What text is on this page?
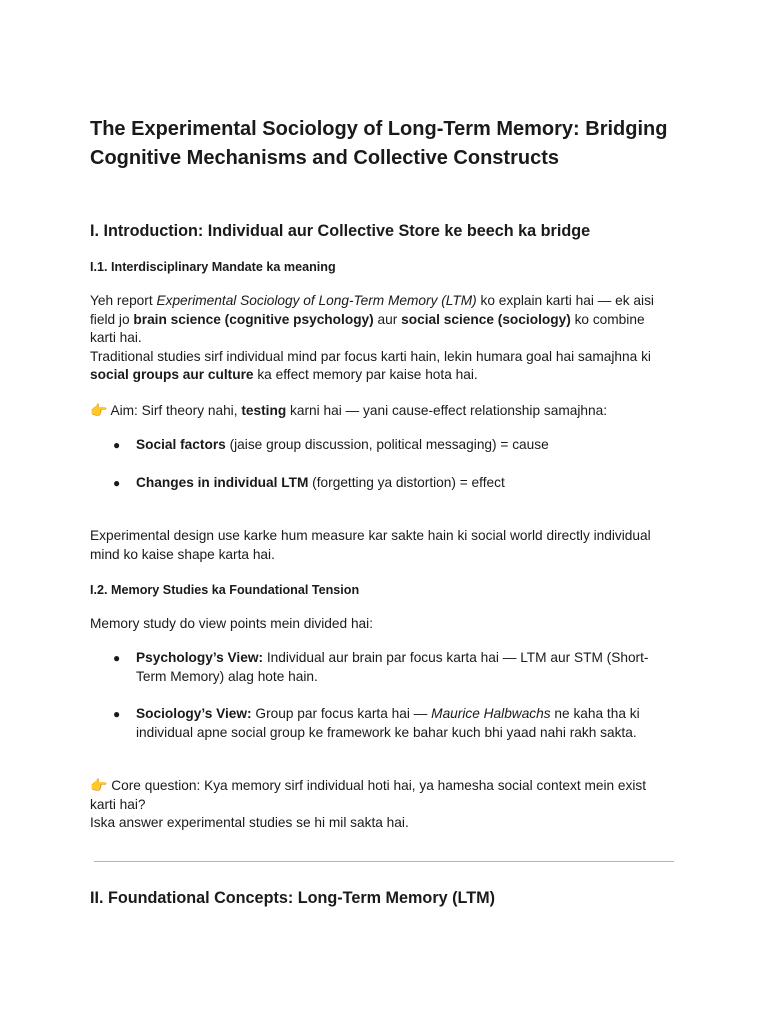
The Experimental Sociology of Long-Term Memory: Bridging Cognitive Mechanisms and Collective Constructs
I. Introduction: Individual aur Collective Store ke beech ka bridge
I.1. Interdisciplinary Mandate ka meaning

Yeh report Experimental Sociology of Long-Term Memory (LTM) ko explain karti hai — ek aisi field jo brain science (cognitive psychology) aur social science (sociology) ko combine karti hai.
Traditional studies sirf individual mind par focus karti hain, lekin humara goal hai samajhna ki social groups aur culture ka effect memory par kaise hota hai.

👉 Aim: Sirf theory nahi, testing karni hai — yani cause-effect relationship samajhna:

● Social factors (jaise group discussion, political messaging) = cause
● Changes in individual LTM (forgetting ya distortion) = effect

Experimental design use karke hum measure kar sakte hain ki social world directly individual mind ko kaise shape karta hai.

I.2. Memory Studies ka Foundational Tension

Memory study do view points mein divided hai:

● Psychology’s View: Individual aur brain par focus karta hai — LTM aur STM (Short-Term Memory) alag hote hain.
● Sociology’s View: Group par focus karta hai — Maurice Halbwachs ne kaha tha ki individual apne social group ke framework ke bahar kuch bhi yaad nahi rakh sakta.

👉 Core question: Kya memory sirf individual hoti hai, ya hamesha social context mein exist karti hai?
Iska answer experimental studies se hi mil sakta hai.

II. Foundational Concepts: Long-Term Memory (LTM)
